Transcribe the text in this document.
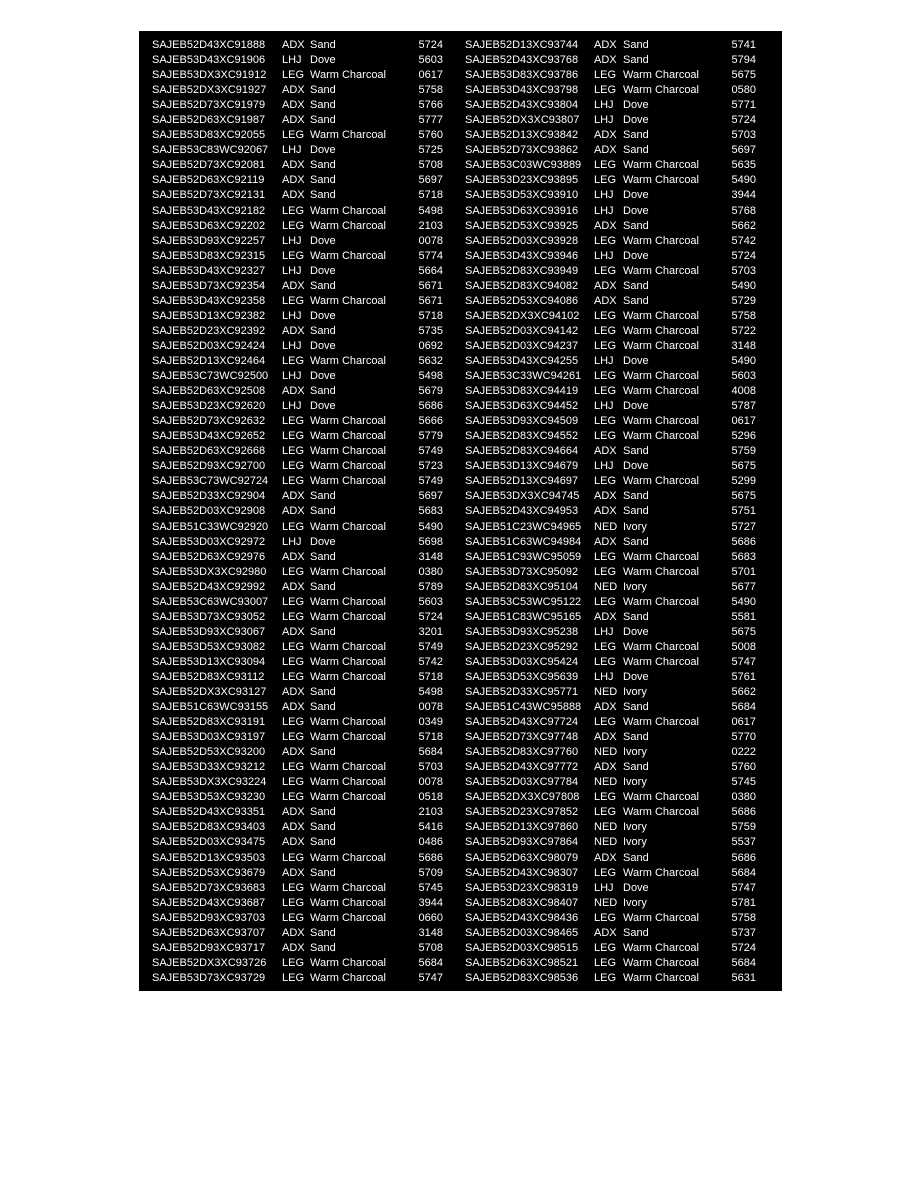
SAJEB52D43XC91888	ADX Sand	5724 SAJEB52D13XC93744	ADX Sand	5741
SAJEB53D43XC91906	LHJ Dove	5603 SAJEB52D43XC93768	ADX Sand	5794
SAJEB53DX3XC91912	LEG Warm Charcoal	0617 SAJEB53D83XC93786	LEG Warm Charcoal	5675
SAJEB52DX3XC91927	ADX Sand	5758 SAJEB53D43XC93798	LEG Warm Charcoal	0580
SAJEB52D73XC91979	ADX Sand	5766 SAJEB52D43XC93804	LHJ Dove	5771
SAJEB52D63XC91987	ADX Sand	5777 SAJEB52DX3XC93807	LHJ Dove	5724
SAJEB53D83XC92055	LEG Warm Charcoal	5760 SAJEB52D13XC93842	ADX Sand	5703
SAJEB53C83WC92067	LHJ Dove	5725 SAJEB52D73XC93862	ADX Sand	5697
SAJEB52D73XC92081	ADX Sand	5708 SAJEB53C03WC93889	LEG Warm Charcoal	5635
SAJEB52D63XC92119	ADX Sand	5697 SAJEB53D23XC93895	LEG Warm Charcoal	5490
SAJEB52D73XC92131	ADX Sand	5718 SAJEB53D53XC93910	LHJ Dove	3944
SAJEB53D43XC92182	LEG Warm Charcoal	5498 SAJEB53D63XC93916	LHJ Dove	5768
SAJEB53D63XC92202	LEG Warm Charcoal	2103 SAJEB52D53XC93925	ADX Sand	5662
SAJEB53D93XC92257	LHJ Dove	0078 SAJEB52D03XC93928	LEG Warm Charcoal	5742
SAJEB53D83XC92315	LEG Warm Charcoal	5774 SAJEB53D43XC93946	LHJ Dove	5724
SAJEB53D43XC92327	LHJ Dove	5664 SAJEB52D83XC93949	LEG Warm Charcoal	5703
SAJEB53D73XC92354	ADX Sand	5671 SAJEB52D83XC94082	ADX Sand	5490
SAJEB53D43XC92358	LEG Warm Charcoal	5671 SAJEB52D53XC94086	ADX Sand	5729
SAJEB53D13XC92382	LHJ Dove	5718 SAJEB52DX3XC94102	LEG Warm Charcoal	5758
SAJEB52D23XC92392	ADX Sand	5735 SAJEB52D03XC94142	LEG Warm Charcoal	5722
SAJEB52D03XC92424	LHJ Dove	0692 SAJEB52D03XC94237	LEG Warm Charcoal	3148
SAJEB52D13XC92464	LEG Warm Charcoal	5632 SAJEB53D43XC94255	LHJ Dove	5490
SAJEB53C73WC92500	LHJ Dove	5498 SAJEB53C33WC94261	LEG Warm Charcoal	5603
SAJEB52D63XC92508	ADX Sand	5679 SAJEB53D83XC94419	LEG Warm Charcoal	4008
SAJEB53D23XC92620	LHJ Dove	5686 SAJEB53D63XC94452	LHJ Dove	5787
SAJEB52D73XC92632	LEG Warm Charcoal	5666 SAJEB53D93XC94509	LEG Warm Charcoal	0617
SAJEB53D43XC92652	LEG Warm Charcoal	5779 SAJEB52D83XC94552	LEG Warm Charcoal	5296
SAJEB52D63XC92668	LEG Warm Charcoal	5749 SAJEB52D83XC94664	ADX Sand	5759
SAJEB52D93XC92700	LEG Warm Charcoal	5723 SAJEB53D13XC94679	LHJ Dove	5675
SAJEB53C73WC92724	LEG Warm Charcoal	5749 SAJEB52D13XC94697	LEG Warm Charcoal	5299
SAJEB52D33XC92904	ADX Sand	5697 SAJEB53DX3XC94745	ADX Sand	5675
SAJEB52D03XC92908	ADX Sand	5683 SAJEB52D43XC94953	ADX Sand	5751
SAJEB51C33WC92920	LEG Warm Charcoal	5490 SAJEB51C23WC94965	NED Ivory	5727
SAJEB53D03XC92972	LHJ Dove	5698 SAJEB51C63WC94984	ADX Sand	5686
SAJEB52D63XC92976	ADX Sand	3148 SAJEB51C93WC95059	LEG Warm Charcoal	5683
SAJEB53DX3XC92980	LEG Warm Charcoal	0380 SAJEB53D73XC95092	LEG Warm Charcoal	5701
SAJEB52D43XC92992	ADX Sand	5789 SAJEB52D83XC95104	NED Ivory	5677
SAJEB53C63WC93007	LEG Warm Charcoal	5603 SAJEB53C53WC95122	LEG Warm Charcoal	5490
SAJEB53D73XC93052	LEG Warm Charcoal	5724 SAJEB51C83WC95165	ADX Sand	5581
SAJEB53D93XC93067	ADX Sand	3201 SAJEB53D93XC95238	LHJ Dove	5675
SAJEB53D53XC93082	LEG Warm Charcoal	5749 SAJEB52D23XC95292	LEG Warm Charcoal	5008
SAJEB53D13XC93094	LEG Warm Charcoal	5742 SAJEB53D03XC95424	LEG Warm Charcoal	5747
SAJEB52D83XC93112	LEG Warm Charcoal	5718 SAJEB53D53XC95639	LHJ Dove	5761
SAJEB52DX3XC93127	ADX Sand	5498 SAJEB52D33XC95771	NED Ivory	5662
SAJEB51C63WC93155	ADX Sand	0078 SAJEB51C43WC95888	ADX Sand	5684
SAJEB52D83XC93191	LEG Warm Charcoal	0349 SAJEB52D43XC97724	LEG Warm Charcoal	0617
SAJEB53D03XC93197	LEG Warm Charcoal	5718 SAJEB52D73XC97748	ADX Sand	5770
SAJEB52D53XC93200	ADX Sand	5684 SAJEB52D83XC97760	NED Ivory	0222
SAJEB53D33XC93212	LEG Warm Charcoal	5703 SAJEB52D43XC97772	ADX Sand	5760
SAJEB53DX3XC93224	LEG Warm Charcoal	0078 SAJEB52D03XC97784	NED Ivory	5745
SAJEB53D53XC93230	LEG Warm Charcoal	0518 SAJEB52DX3XC97808	LEG Warm Charcoal	0380
SAJEB52D43XC93351	ADX Sand	2103 SAJEB52D23XC97852	LEG Warm Charcoal	5686
SAJEB52D83XC93403	ADX Sand	5416 SAJEB52D13XC97860	NED Ivory	5759
SAJEB52D03XC93475	ADX Sand	0486 SAJEB52D93XC97864	NED Ivory	5537
SAJEB52D13XC93503	LEG Warm Charcoal	5686 SAJEB52D63XC98079	ADX Sand	5686
SAJEB52D53XC93679	ADX Sand	5709 SAJEB52D43XC98307	LEG Warm Charcoal	5684
SAJEB52D73XC93683	LEG Warm Charcoal	5745 SAJEB53D23XC98319	LHJ Dove	5747
SAJEB52D43XC93687	LEG Warm Charcoal	3944 SAJEB52D83XC98407	NED Ivory	5781
SAJEB52D93XC93703	LEG Warm Charcoal	0660 SAJEB52D43XC98436	LEG Warm Charcoal	5758
SAJEB52D63XC93707	ADX Sand	3148 SAJEB52D03XC98465	ADX Sand	5737
SAJEB52D93XC93717	ADX Sand	5708 SAJEB52D03XC98515	LEG Warm Charcoal	5724
SAJEB52DX3XC93726	LEG Warm Charcoal	5684 SAJEB52D63XC98521	LEG Warm Charcoal	5684
SAJEB53D73XC93729	LEG Warm Charcoal	5747 SAJEB52D83XC98536	LEG Warm Charcoal	5631
